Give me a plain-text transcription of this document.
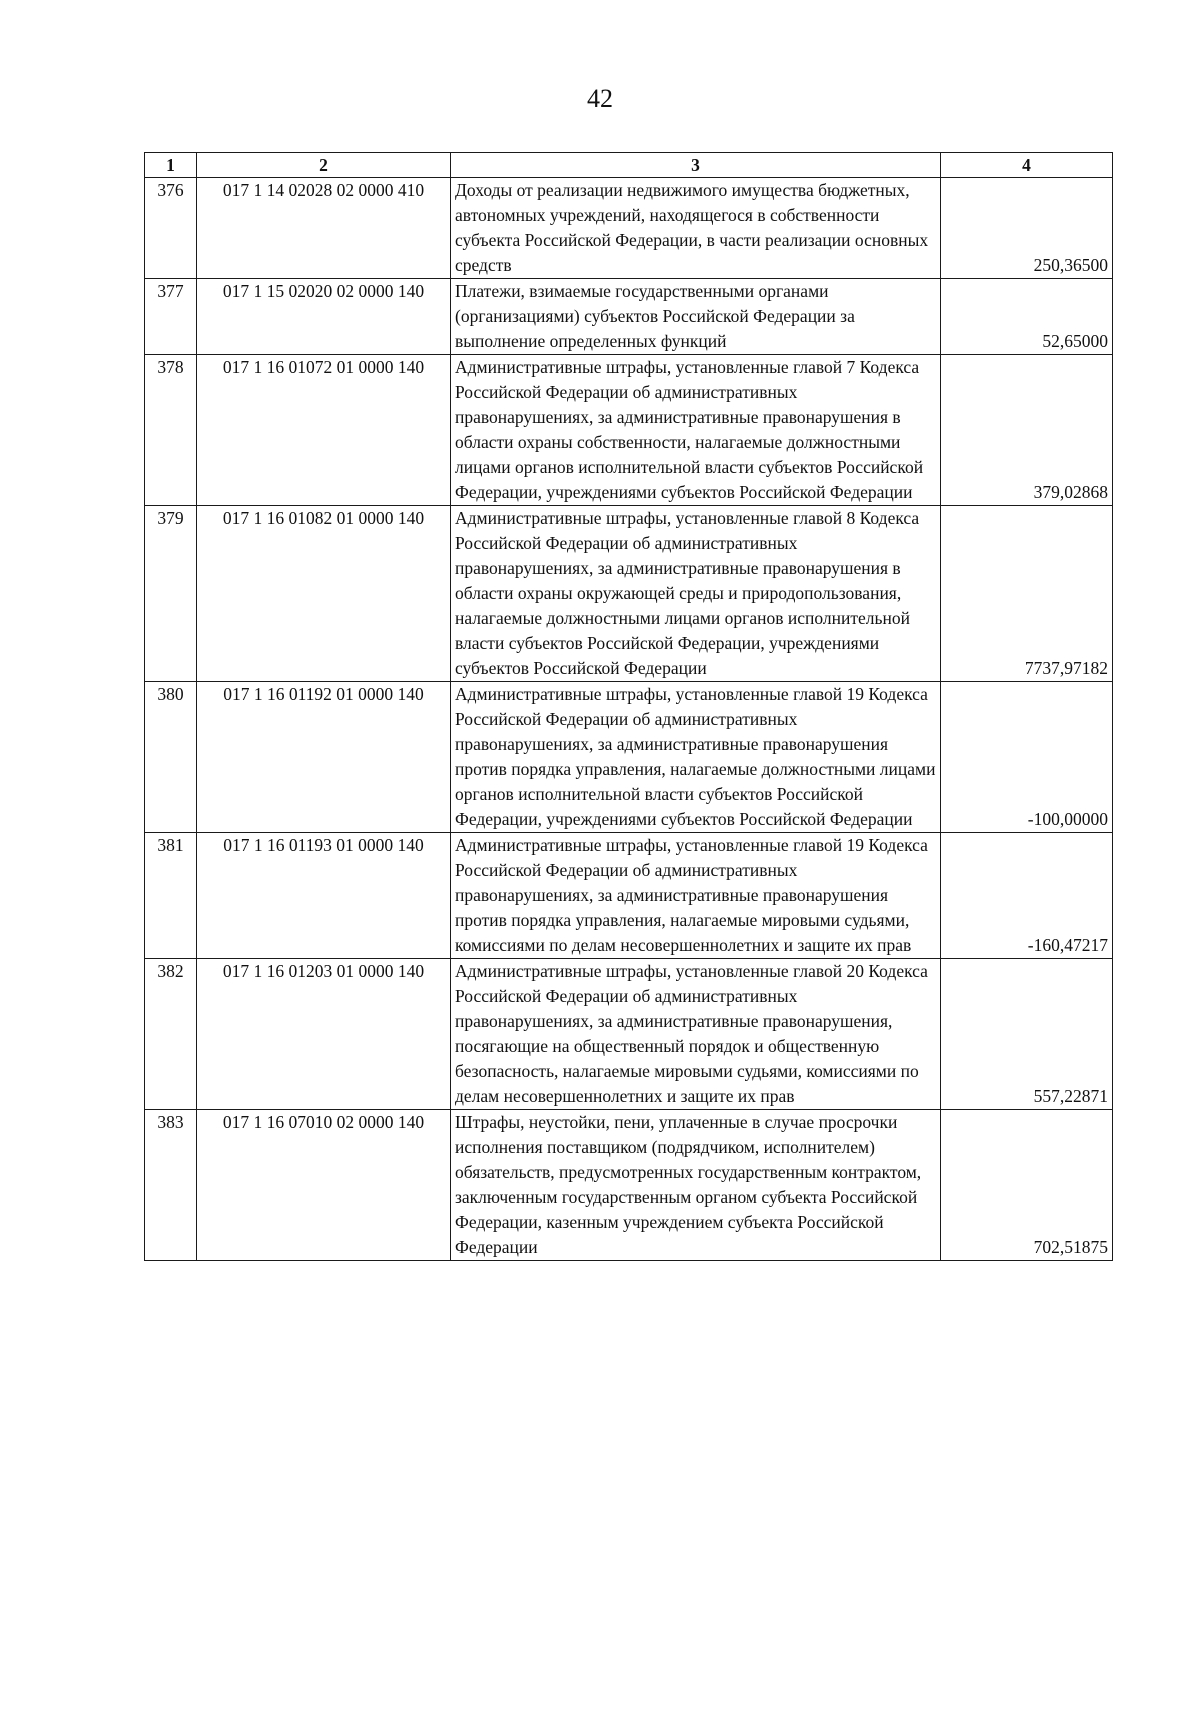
42
1	2	3	4
376	017 1 14 02028 02 0000 410	Доходы от реализации недвижимого имущества бюджетных, автономных учреждений, находящегося в собственности субъекта Российской Федерации, в части реализации основных средств	250,36500
377	017 1 15 02020 02 0000 140	Платежи, взимаемые государственными органами (организациями) субъектов Российской Федерации за выполнение определенных функций	52,65000
378	017 1 16 01072 01 0000 140	Административные штрафы, установленные главой 7 Кодекса Российской Федерации об административных правонарушениях, за административные правонарушения в области охраны собственности, налагаемые должностными лицами органов исполнительной власти субъектов Российской Федерации, учреждениями субъектов Российской Федерации	379,02868
379	017 1 16 01082 01 0000 140	Административные штрафы, установленные главой 8 Кодекса Российской Федерации об административных правонарушениях, за административные правонарушения в области охраны окружающей среды и природопользования, налагаемые должностными лицами органов исполнительной власти субъектов Российской Федерации, учреждениями субъектов Российской Федерации	7737,97182
380	017 1 16 01192 01 0000 140	Административные штрафы, установленные главой 19 Кодекса Российской Федерации об административных правонарушениях, за административные правонарушения против порядка управления, налагаемые должностными лицами органов исполнительной власти субъектов Российской Федерации, учреждениями субъектов Российской Федерации	-100,00000
381	017 1 16 01193 01 0000 140	Административные штрафы, установленные главой 19 Кодекса Российской Федерации об административных правонарушениях, за административные правонарушения против порядка управления, налагаемые мировыми судьями, комиссиями по делам несовершеннолетних и защите их прав	-160,47217
382	017 1 16 01203 01 0000 140	Административные штрафы, установленные главой 20 Кодекса Российской Федерации об административных правонарушениях, за административные правонарушения, посягающие на общественный порядок и общественную безопасность, налагаемые мировыми судьями, комиссиями по делам несовершеннолетних и защите их прав	557,22871
383	017 1 16 07010 02 0000 140	Штрафы, неустойки, пени, уплаченные в случае просрочки исполнения поставщиком (подрядчиком, исполнителем) обязательств, предусмотренных государственным контрактом, заключенным государственным органом субъекта Российской Федерации, казенным учреждением субъекта Российской Федерации	702,51875
